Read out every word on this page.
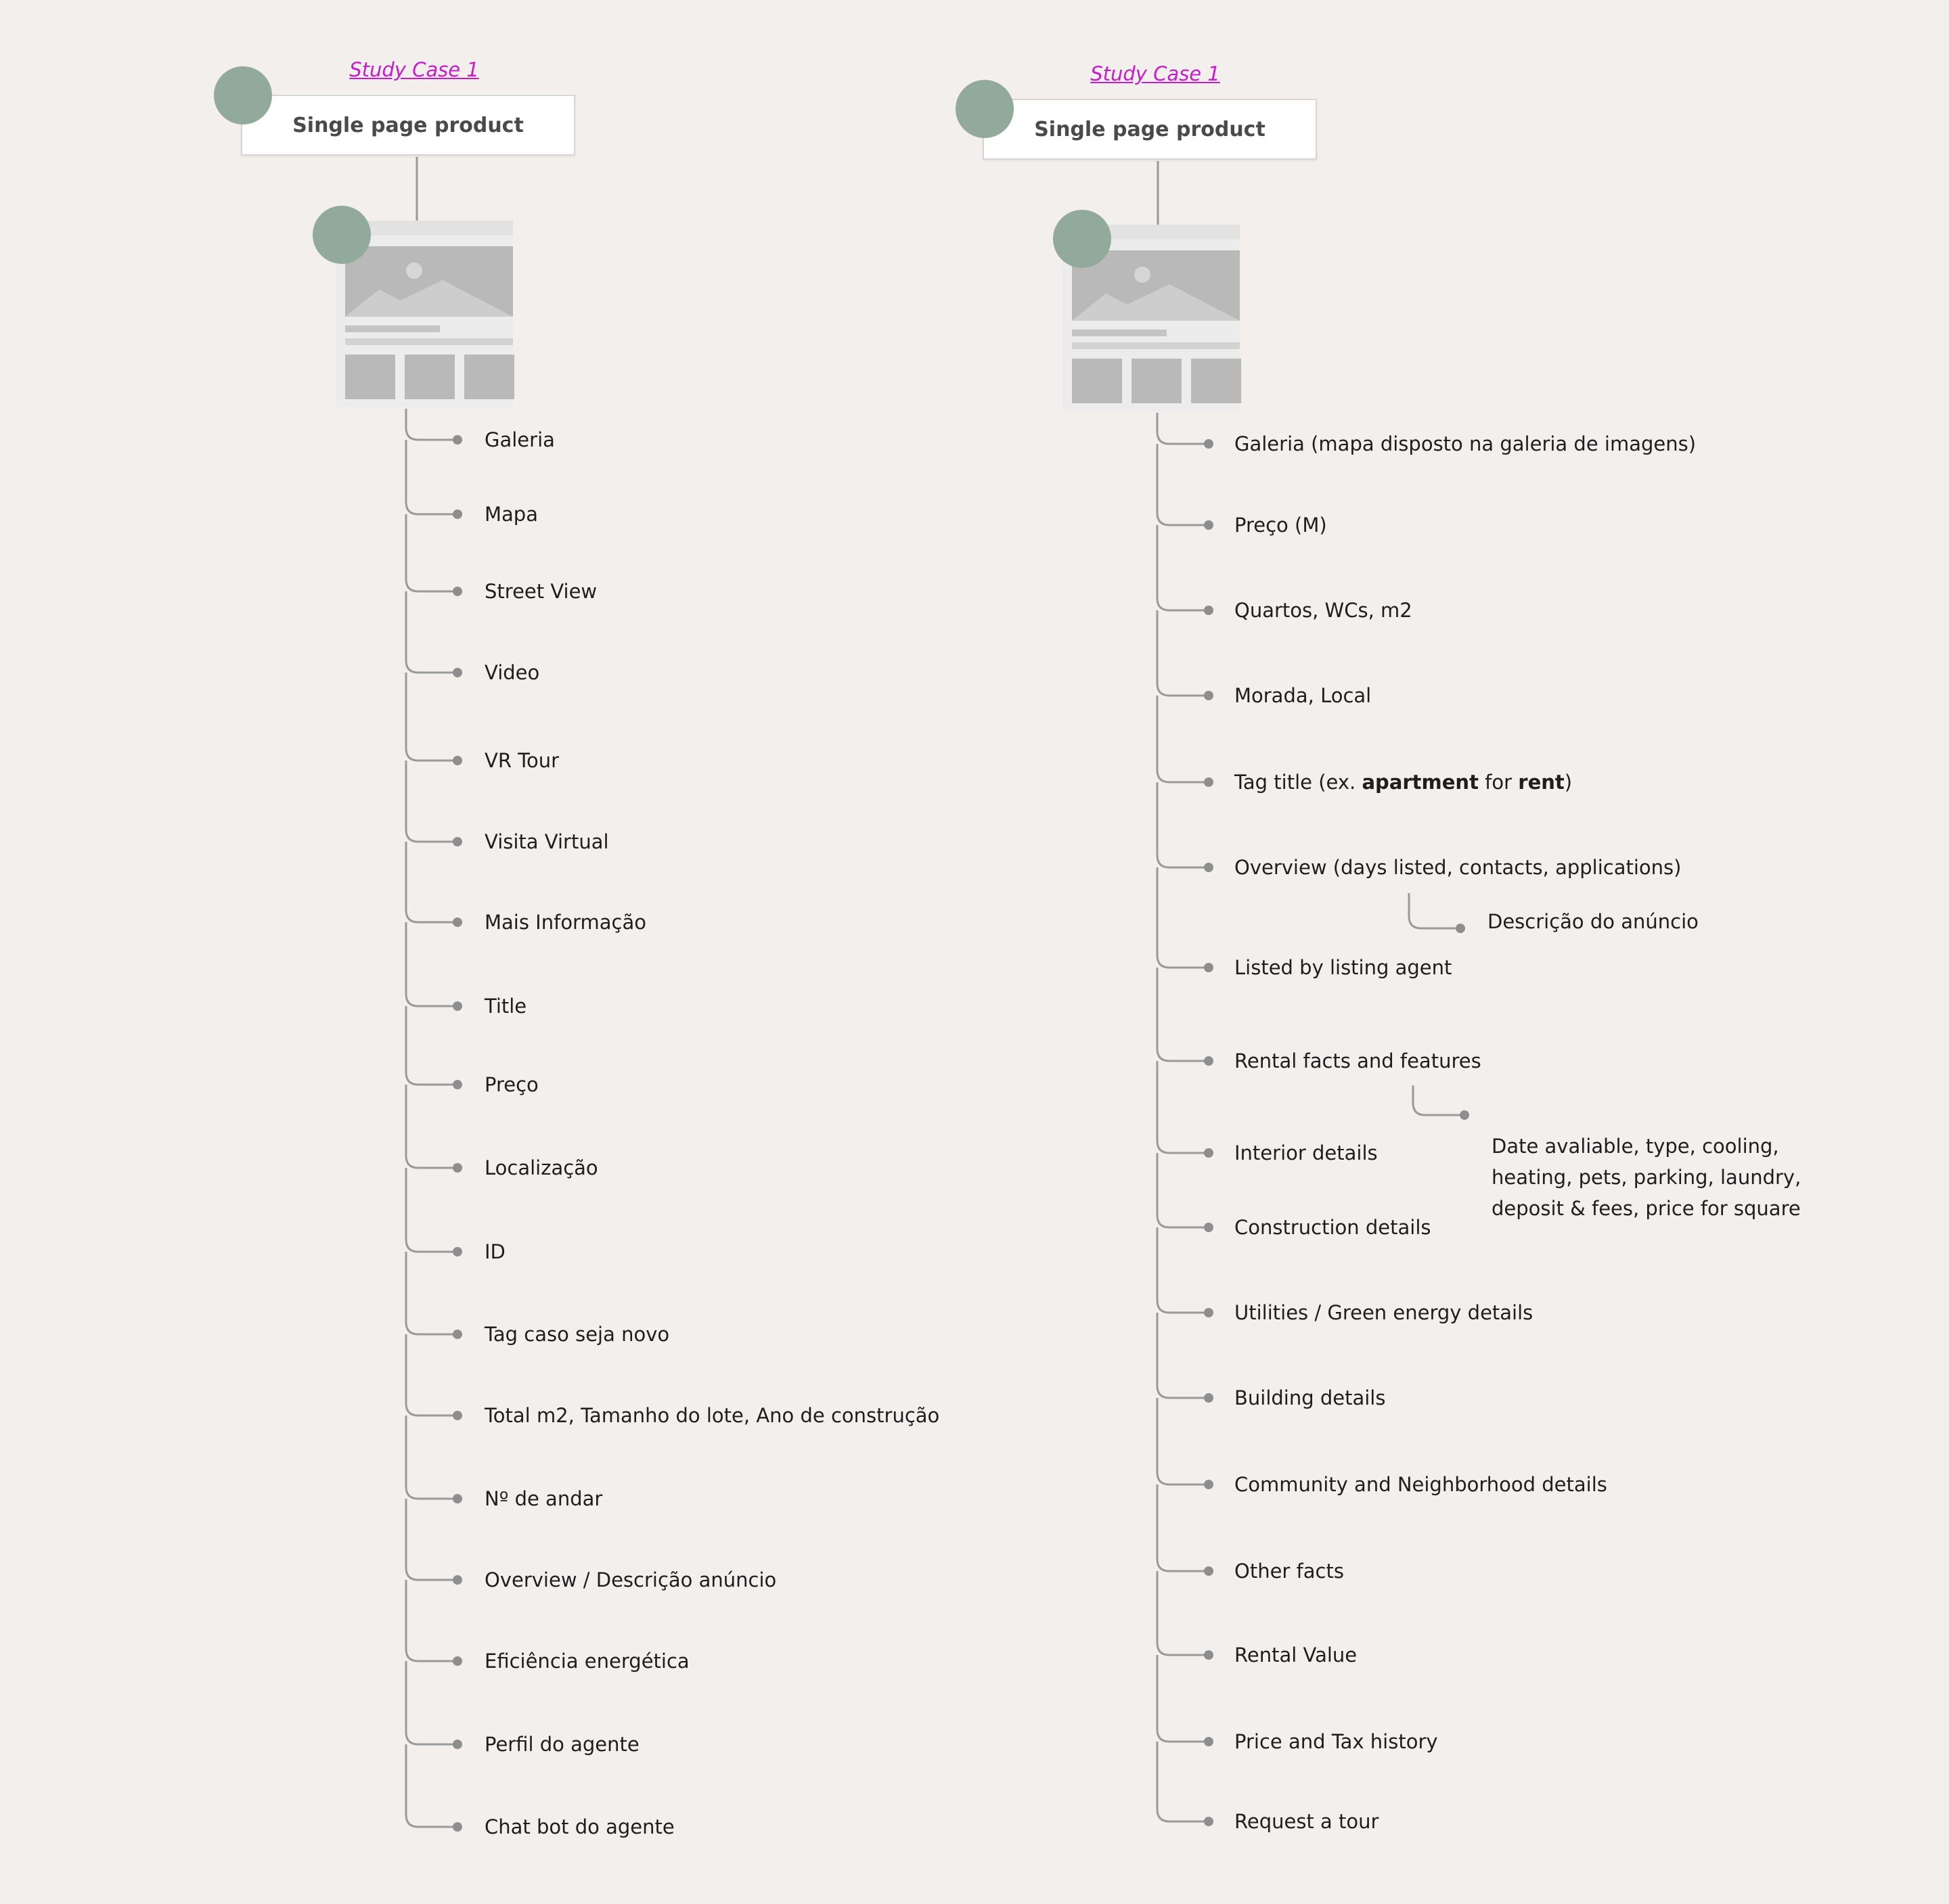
Study Case 1
Single page product
Study Case 1
Single page product
Galeria
Mapa
Street View
Video
VR Tour
Visita Virtual
Mais Informação
Title
Preço
Localização
ID
Tag caso seja novo
Total m2, Tamanho do lote, Ano de construção
Nº de andar
Overview / Descrição anúncio
Eficiência energética
Perfil do agente
Chat bot do agente
Galeria (mapa disposto na galeria de imagens)
Preço (M)
Quartos, WCs, m2
Morada, Local
Tag title (ex. apartment for rent)
Overview (days listed, contacts, applications)
Descrição do anúncio
Listed by listing agent
Rental facts and features
Date avaliable, type, cooling,
heating, pets, parking, laundry,
deposit & fees, price for square
Interior details
Construction details
Utilities / Green energy details
Building details
Community and Neighborhood details
Other facts
Rental Value
Price and Tax history
Request a tour
